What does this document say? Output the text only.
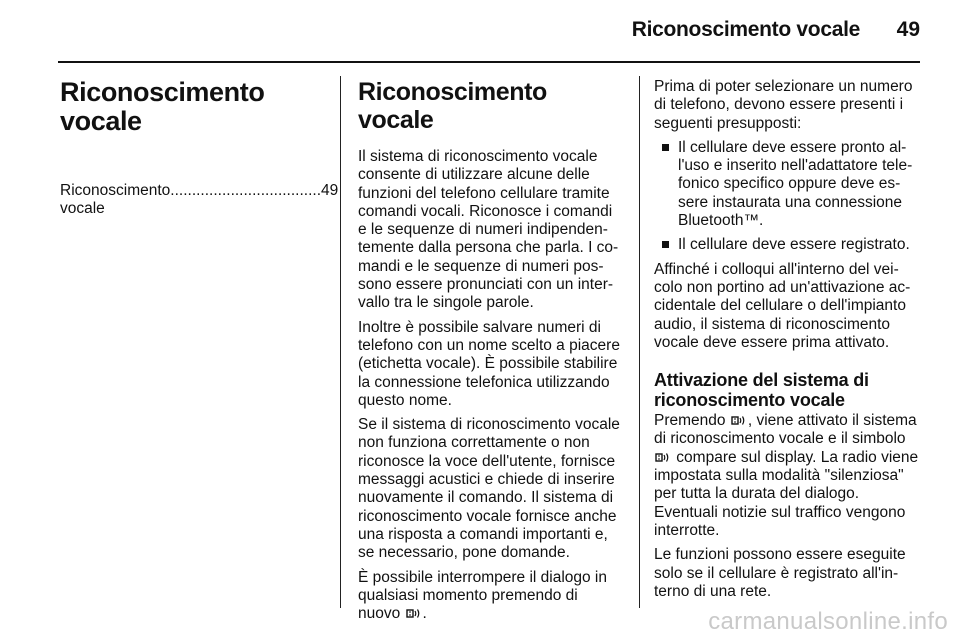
Riconoscimento vocale 49
Riconoscimento
vocale
Riconoscimento vocale
................................... 49
Riconoscimento vocale

Il sistema di riconoscimento vocale consente di utilizzare alcune delle funzioni del telefono cellulare tramite comandi vocali. Riconosce i comandi e le sequenze di numeri indipendentemente dalla persona che parla. I comandi e le sequenze di numeri possono essere pronunciati con un intervallo tra le singole parole.

Inoltre è possibile salvare numeri di telefono con un nome scelto a piacere (etichetta vocale). È possibile stabilire la connessione telefonica utilizzando questo nome.

Se il sistema di riconoscimento vocale non funziona correttamente o non riconosce la voce dell'utente, fornisce messaggi acustici e chiede di inserire nuovamente il comando. Il sistema di riconoscimento vocale fornisce anche una risposta a comandi importanti e, se necessario, pone domande.

È possibile interrompere il dialogo in qualsiasi momento premendo di nuovo .

Prima di poter selezionare un numero di telefono, devono essere presenti i seguenti presupposti:

Il cellulare deve essere pronto all'uso e inserito nell'adattatore telefonico specifico oppure deve essere instaurata una connessione Bluetooth™.
Il cellulare deve essere registrato.

Affinché i colloqui all'interno del veicolo non portino ad un'attivazione accidentale del cellulare o dell'impianto audio, il sistema di riconoscimento vocale deve essere prima attivato.

Attivazione del sistema di riconoscimento vocale

Premendo , viene attivato il sistema di riconoscimento vocale e il simbolo  compare sul display. La radio viene impostata sulla modalità "silenziosa" per tutta la durata del dialogo. Eventuali notizie sul traffico vengono interrotte.

Le funzioni possono essere eseguite solo se il cellulare è registrato all'interno di una rete.

carmanualsonline.info
